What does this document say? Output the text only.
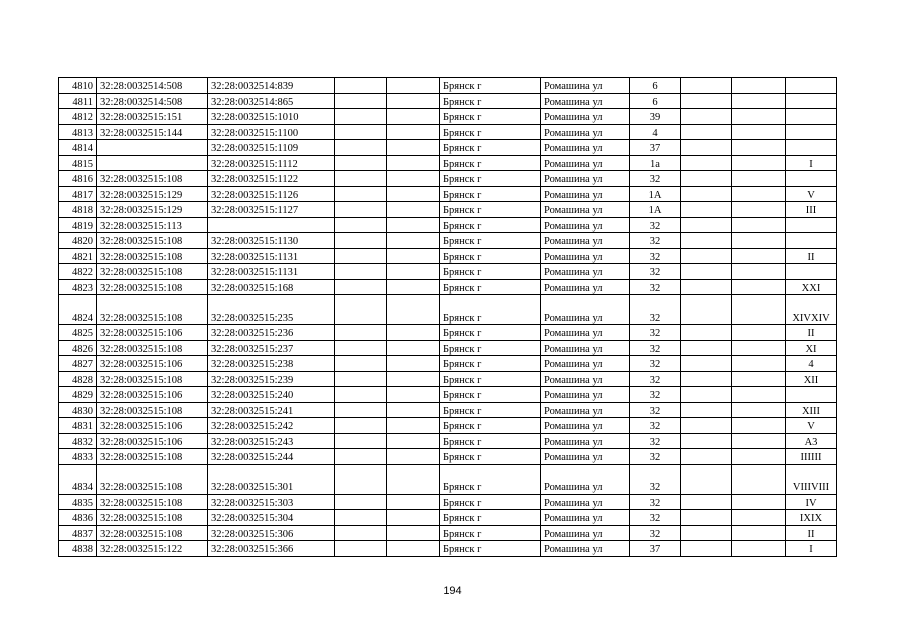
4810	32:28:0032514:508	32:28:0032514:839			Брянск г	Ромашина ул	6			
4811	32:28:0032514:508	32:28:0032514:865			Брянск г	Ромашина ул	6			
4812	32:28:0032515:151	32:28:0032515:1010			Брянск г	Ромашина ул	39			
4813	32:28:0032515:144	32:28:0032515:1100			Брянск г	Ромашина ул	4			
4814		32:28:0032515:1109			Брянск г	Ромашина ул	37			
4815		32:28:0032515:1112			Брянск г	Ромашина ул	1а			I
4816	32:28:0032515:108	32:28:0032515:1122			Брянск г	Ромашина ул	32			
4817	32:28:0032515:129	32:28:0032515:1126			Брянск г	Ромашина ул	1А			V
4818	32:28:0032515:129	32:28:0032515:1127			Брянск г	Ромашина ул	1А			III
4819	32:28:0032515:113				Брянск г	Ромашина ул	32			
4820	32:28:0032515:108	32:28:0032515:1130			Брянск г	Ромашина ул	32			
4821	32:28:0032515:108	32:28:0032515:1131			Брянск г	Ромашина ул	32			II
4822	32:28:0032515:108	32:28:0032515:1131			Брянск г	Ромашина ул	32			
4823	32:28:0032515:108	32:28:0032515:168			Брянск г	Ромашина ул	32			XXI
4824	32:28:0032515:108	32:28:0032515:235			Брянск г	Ромашина ул	32			XIVXIV
4825	32:28:0032515:106	32:28:0032515:236			Брянск г	Ромашина ул	32			II
4826	32:28:0032515:108	32:28:0032515:237			Брянск г	Ромашина ул	32			XI
4827	32:28:0032515:106	32:28:0032515:238			Брянск г	Ромашина ул	32			4
4828	32:28:0032515:108	32:28:0032515:239			Брянск г	Ромашина ул	32			XII
4829	32:28:0032515:106	32:28:0032515:240			Брянск г	Ромашина ул	32			
4830	32:28:0032515:108	32:28:0032515:241			Брянск г	Ромашина ул	32			XIII
4831	32:28:0032515:106	32:28:0032515:242			Брянск г	Ромашина ул	32			V
4832	32:28:0032515:106	32:28:0032515:243			Брянск г	Ромашина ул	32			А3
4833	32:28:0032515:108	32:28:0032515:244			Брянск г	Ромашина ул	32			IIIIII
4834	32:28:0032515:108	32:28:0032515:301			Брянск г	Ромашина ул	32			VIIIVIII
4835	32:28:0032515:108	32:28:0032515:303			Брянск г	Ромашина ул	32			IV
4836	32:28:0032515:108	32:28:0032515:304			Брянск г	Ромашина ул	32			IXIX
4837	32:28:0032515:108	32:28:0032515:306			Брянск г	Ромашина ул	32			II
4838	32:28:0032515:122	32:28:0032515:366			Брянск г	Ромашина ул	37			I
194
